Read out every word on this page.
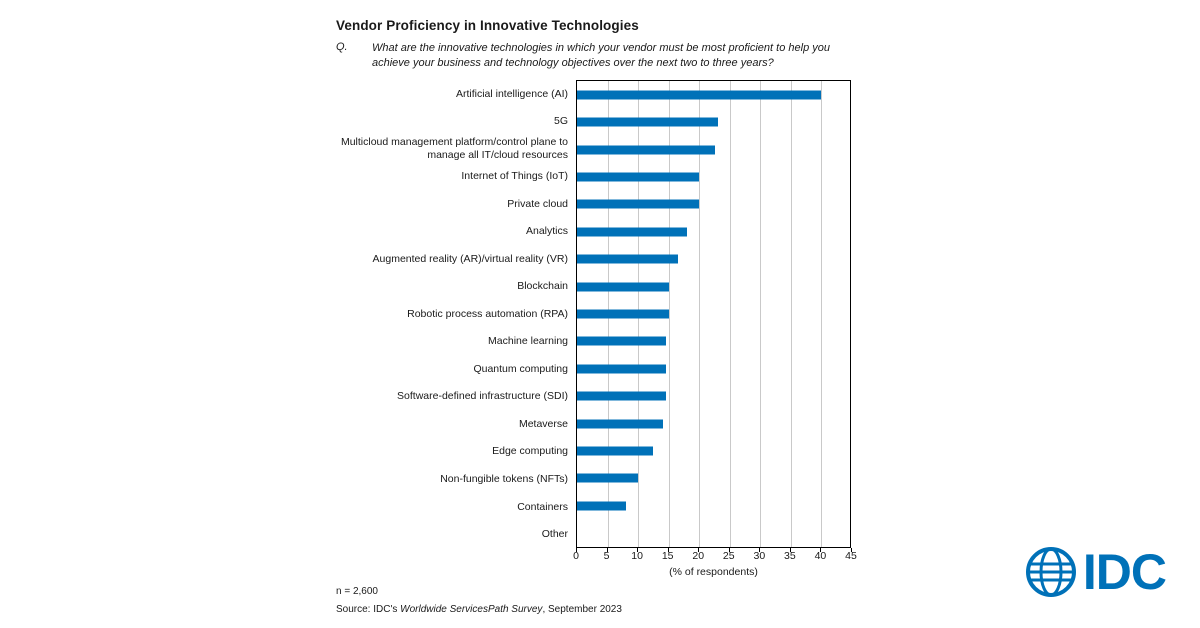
Vendor Proficiency in Innovative Technologies
Q.	What are the innovative technologies in which your vendor must be most proficient to help you achieve your business and technology objectives over the next two to three years?
Artificial intelligence (AI)
5G
Multicloud management platform/control plane to manage all IT/cloud resources
Internet of Things (IoT)
Private cloud
Analytics
Augmented reality (AR)/virtual reality (VR)
Blockchain
Robotic process automation (RPA)
Machine learning
Quantum computing
Software-defined infrastructure (SDI)
Metaverse
Edge computing
Non-fungible tokens (NFTs)
Containers
Other
0 5 10 15 20 25 30 35 40 45
(% of respondents)
n = 2,600
Source: IDC's Worldwide ServicesPath Survey, September 2023
IDC
